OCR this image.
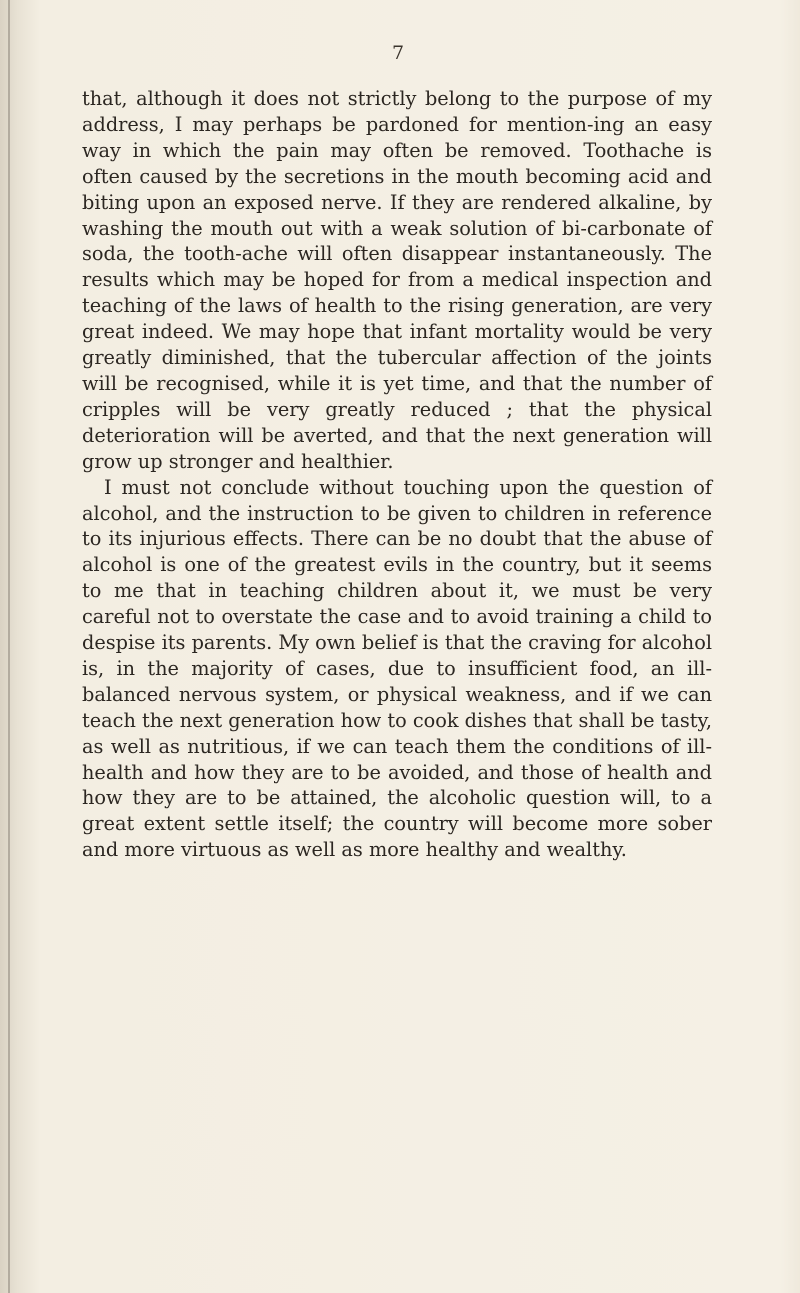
7

that, although it does not strictly belong to the purpose of my address, I may perhaps be pardoned for mention-ing an easy way in which the pain may often be removed. Toothache is often caused by the secretions in the mouth becoming acid and biting upon an exposed nerve. If they are rendered alkaline, by washing the mouth out with a weak solution of bi-carbonate of soda, the tooth-ache will often disappear instantaneously. The results which may be hoped for from a medical inspection and teaching of the laws of health to the rising generation, are very great indeed. We may hope that infant mortality would be very greatly diminished, that the tubercular affection of the joints will be recognised, while it is yet time, and that the number of cripples will be very greatly reduced ; that the physical deterioration will be averted, and that the next generation will grow up stronger and healthier.

I must not conclude without touching upon the question of alcohol, and the instruction to be given to children in reference to its injurious effects. There can be no doubt that the abuse of alcohol is one of the greatest evils in the country, but it seems to me that in teaching children about it, we must be very careful not to overstate the case and to avoid training a child to despise its parents. My own belief is that the craving for alcohol is, in the majority of cases, due to insufficient food, an ill-balanced nervous system, or physical weakness, and if we can teach the next generation how to cook dishes that shall be tasty, as well as nutritious, if we can teach them the conditions of ill-health and how they are to be avoided, and those of health and how they are to be attained, the alcoholic question will, to a great extent settle itself; the country will become more sober and more virtuous as well as more healthy and wealthy.
